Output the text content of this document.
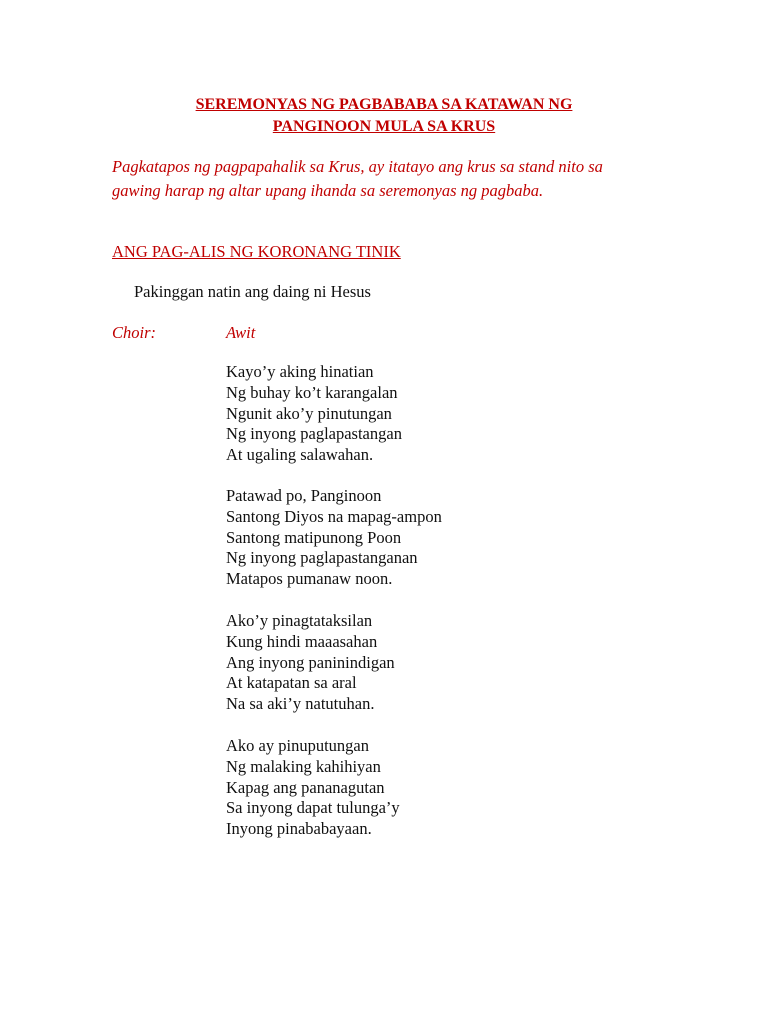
SEREMONYAS NG PAGBABABA SA KATAWAN NG
PANGINOON MULA SA KRUS
Pagkatapos ng pagpapahalik sa Krus, ay itatayo ang krus sa stand nito sa
gawing harap ng altar upang ihanda sa seremonyas ng pagbaba.
ANG PAG-ALIS NG KORONANG TINIK
Pakinggan natin ang daing ni Hesus
Choir:	Awit
Kayo’y aking hinatian
Ng buhay ko’t karangalan
Ngunit ako’y pinutungan
Ng inyong paglapastangan
At ugaling salawahan.
Patawad po, Panginoon
Santong Diyos na mapag-ampon
Santong matipunong Poon
Ng inyong paglapastanganan
Matapos pumanaw noon.
Ako’y pinagtataksilan
Kung hindi maaasahan
Ang inyong paninindigan
At katapatan sa aral
Na sa aki’y natutuhan.
Ako ay pinuputungan
Ng malaking kahihiyan
Kapag ang pananagutan
Sa inyong dapat tulunga’y
Inyong pinababayaan.
